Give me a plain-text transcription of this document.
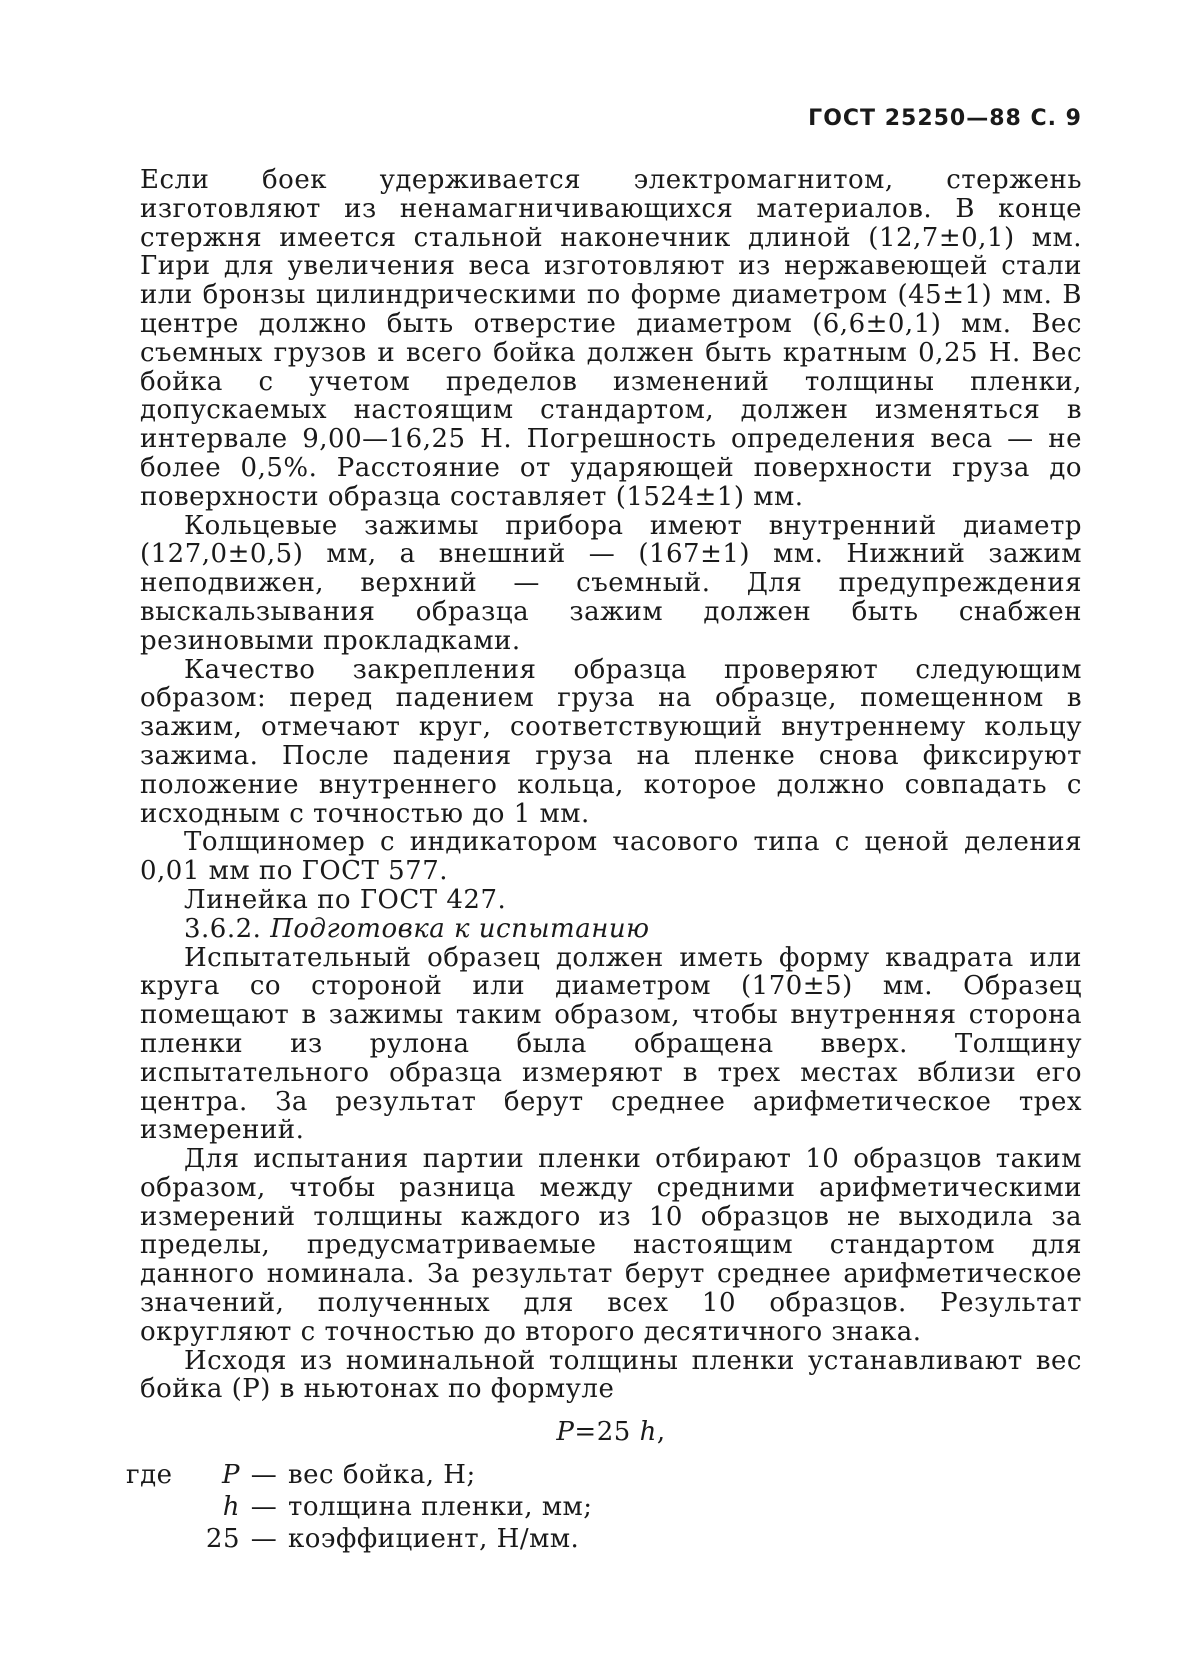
ГОСТ 25250—88 С. 9

Если боек удерживается электромагнитом, стержень изготовляют из ненамагничивающихся материалов. В конце стержня имеется стальной наконечник длиной (12,7±0,1) мм. Гири для увеличения веса изготовляют из нержавеющей стали или бронзы цилиндрическими по форме диаметром (45±1) мм. В центре должно быть отверстие диаметром (6,6±0,1) мм. Вес съемных грузов и всего бойка должен быть кратным 0,25 Н. Вес бойка с учетом пределов изменений толщины пленки, допускаемых настоящим стандартом, должен изменяться в интервале 9,00—16,25 Н. Погрешность определения веса — не более 0,5%. Расстояние от ударяющей поверхности груза до поверхности образца составляет (1524±1) мм.

Кольцевые зажимы прибора имеют внутренний диаметр (127,0±0,5) мм, а внешний — (167±1) мм. Нижний зажим неподвижен, верхний — съемный. Для предупреждения выскальзывания образца зажим должен быть снабжен резиновыми прокладками.

Качество закрепления образца проверяют следующим образом: перед падением груза на образце, помещенном в зажим, отмечают круг, соответствующий внутреннему кольцу зажима. После падения груза на пленке снова фиксируют положение внутреннего кольца, которое должно совпадать с исходным с точностью до 1 мм.

Толщиномер с индикатором часового типа с ценой деления 0,01 мм по ГОСТ 577.

Линейка по ГОСТ 427.

3.6.2. Подготовка к испытанию

Испытательный образец должен иметь форму квадрата или круга со стороной или диаметром (170±5) мм. Образец помещают в зажимы таким образом, чтобы внутренняя сторона пленки из рулона была обращена вверх. Толщину испытательного образца измеряют в трех местах вблизи его центра. За результат берут среднее арифметическое трех измерений.

Для испытания партии пленки отбирают 10 образцов таким образом, чтобы разница между средними арифметическими измерений толщины каждого из 10 образцов не выходила за пределы, предусматриваемые настоящим стандартом для данного номинала. За результат берут среднее арифметическое значений, полученных для всех 10 образцов. Результат округляют с точностью до второго десятичного знака.

Исходя из номинальной толщины пленки устанавливают вес бойка (P) в ньютонах по формуле

P=25 h,
где	P — вес бойка, Н;
h — толщина пленки, мм;
25 — коэффициент, Н/мм.
